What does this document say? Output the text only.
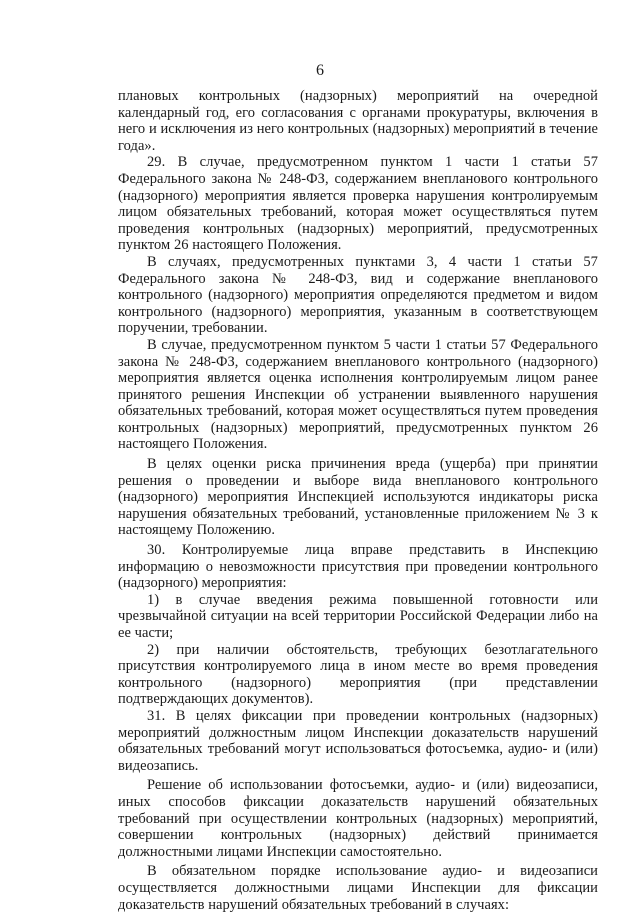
6

плановых контрольных (надзорных) мероприятий на очередной календарный год, его согласования с органами прокуратуры, включения в него и исключения из него контрольных (надзорных) мероприятий в течение года».

29. В случае, предусмотренном пунктом 1 части 1 статьи 57 Федерального закона № 248-ФЗ, содержанием внепланового контрольного (надзорного) мероприятия является проверка нарушения контролируемым лицом обязательных требований, которая может осуществляться путем проведения контрольных (надзорных) мероприятий, предусмотренных пунктом 26 настоящего Положения.

В случаях, предусмотренных пунктами 3, 4 части 1 статьи 57 Федерального закона № 248-ФЗ, вид и содержание внепланового контрольного (надзорного) мероприятия определяются предметом и видом контрольного (надзорного) мероприятия, указанным в соответствующем поручении, требовании.

В случае, предусмотренном пунктом 5 части 1 статьи 57 Федерального закона № 248-ФЗ, содержанием внепланового контрольного (надзорного) мероприятия является оценка исполнения контролируемым лицом ранее принятого решения Инспекции об устранении выявленного нарушения обязательных требований, которая может осуществляться путем проведения контрольных (надзорных) мероприятий, предусмотренных пунктом 26 настоящего Положения.

В целях оценки риска причинения вреда (ущерба) при принятии решения о проведении и выборе вида внепланового контрольного (надзорного) мероприятия Инспекцией используются индикаторы риска нарушения обязательных требований, установленные приложением № 3 к настоящему Положению.

30. Контролируемые лица вправе представить в Инспекцию информацию о невозможности присутствия при проведении контрольного (надзорного) мероприятия:

1) в случае введения режима повышенной готовности или чрезвычайной ситуации на всей территории Российской Федерации либо на ее части;

2) при наличии обстоятельств, требующих безотлагательного присутствия контролируемого лица в ином месте во время проведения контрольного (надзорного) мероприятия (при представлении подтверждающих документов).

31. В целях фиксации при проведении контрольных (надзорных) мероприятий должностным лицом Инспекции доказательств нарушений обязательных требований могут использоваться фотосъемка, аудио- и (или) видеозапись.

Решение об использовании фотосъемки, аудио- и (или) видеозаписи, иных способов фиксации доказательств нарушений обязательных требований при осуществлении контрольных (надзорных) мероприятий, совершении контрольных (надзорных) действий принимается должностными лицами Инспекции самостоятельно.

В обязательном порядке использование аудио- и видеозаписи осуществляется должностными лицами Инспекции для фиксации доказательств нарушений обязательных требований в случаях:
